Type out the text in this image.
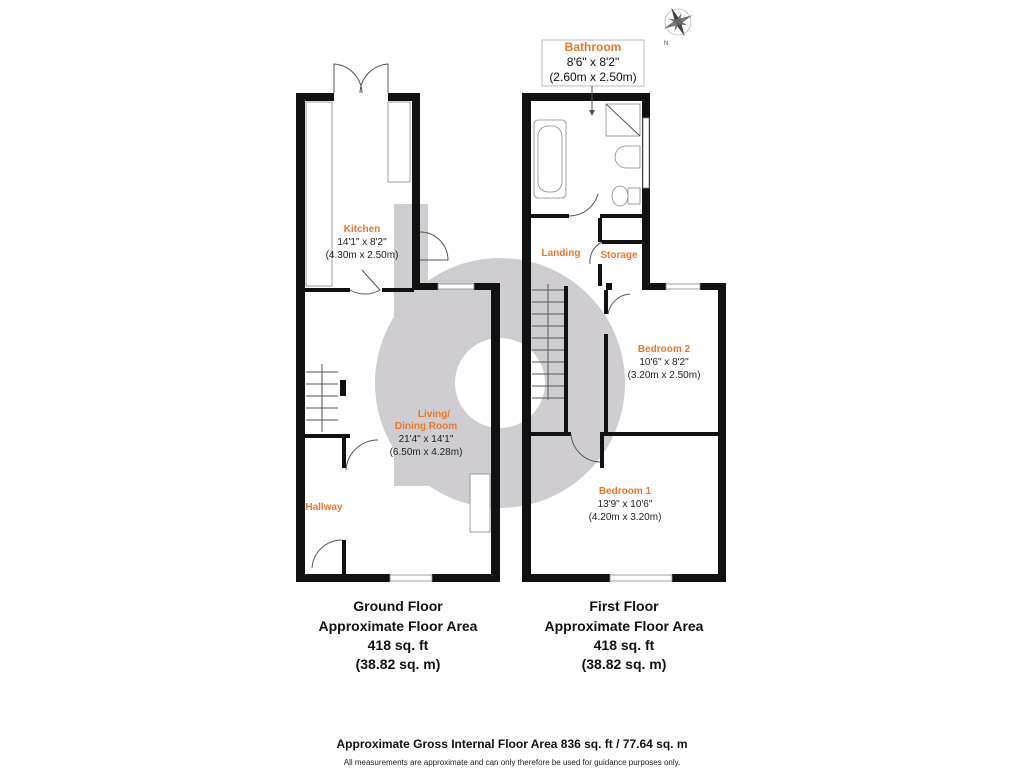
N
Kitchen
14'1" x 8'2"
(4.30m x 2.50m)
Living/
Dining Room
21'4" x 14'1"
(6.50m x 4.28m)
Hallway
Bathroom
8'6" x 8'2"
(2.60m x 2.50m)
Landing Storage
Bedroom 2
10'6" x 8'2"
(3.20m x 2.50m)
Bedroom 1
13'9" x 10'6"
(4.20m x 3.20m)
Ground Floor
Approximate Floor Area
418 sq. ft
(38.82 sq. m)
First Floor
Approximate Floor Area
418 sq. ft
(38.82 sq. m)
Approximate Gross Internal Floor Area 836 sq. ft / 77.64 sq. m
All measurements are approximate and can only therefore be used for guidance purposes only.
